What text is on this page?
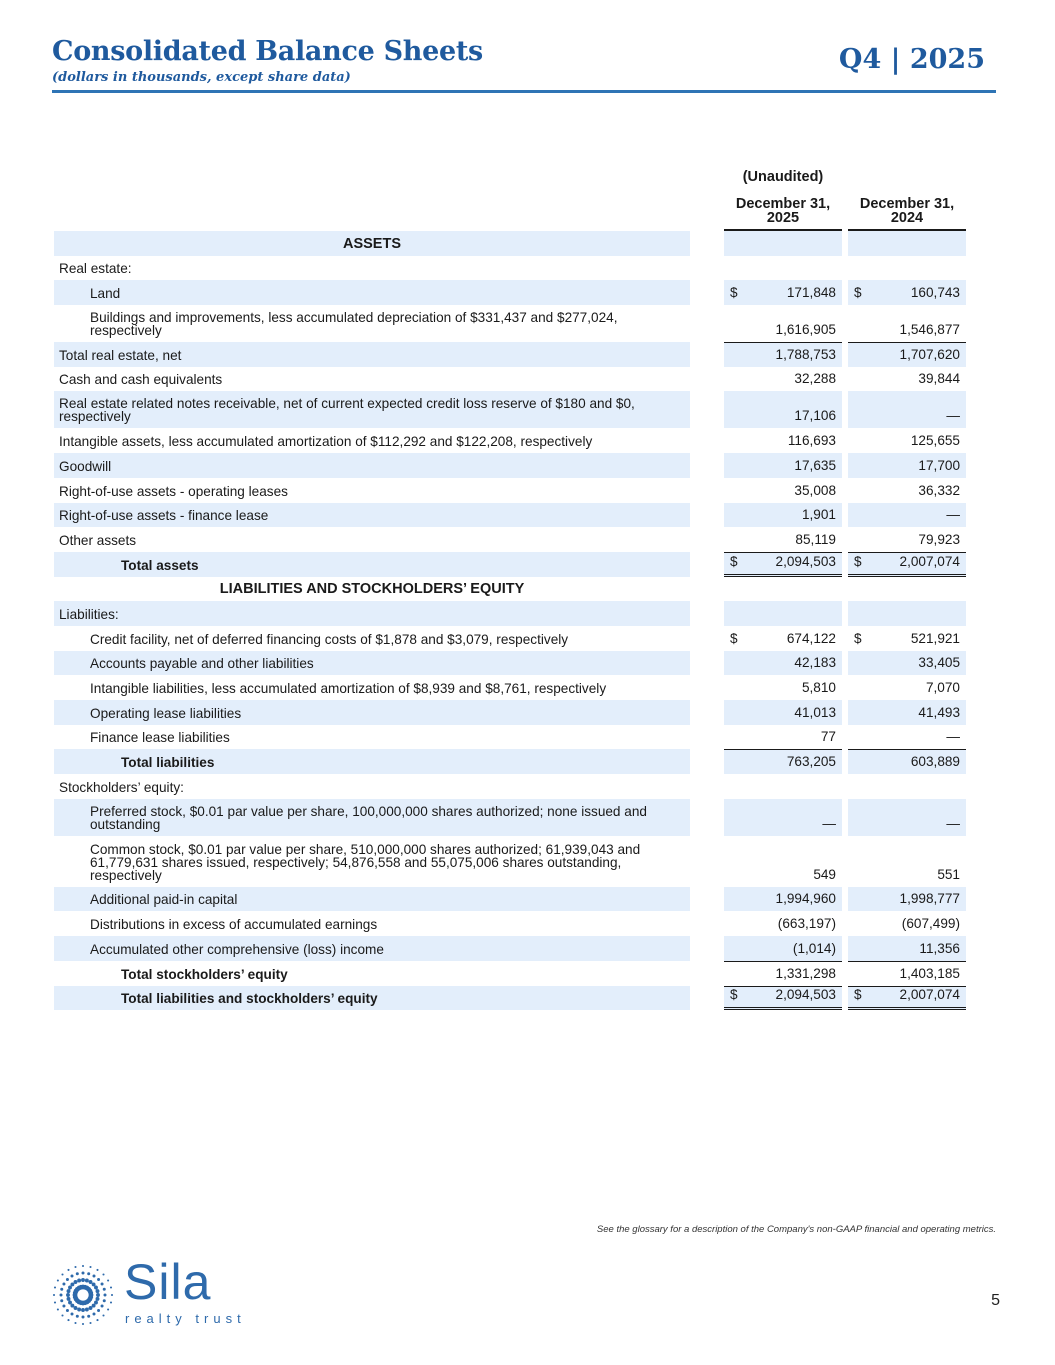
Consolidated Balance Sheets
(dollars in thousands, except share data)
Q4 | 2025
(Unaudited)
December 31, 2025
December 31, 2024
ASSETS
Real estate:
Land	$	171,848 $	160,743
Buildings and improvements, less accumulated depreciation of $331,437 and $277,024, respectively	1,616,905	1,546,877
Total real estate, net	1,788,753	1,707,620
Cash and cash equivalents	32,288	39,844
Real estate related notes receivable, net of current expected credit loss reserve of $180 and $0, respectively	17,106	—
Intangible assets, less accumulated amortization of $112,292 and $122,208, respectively	116,693	125,655
Goodwill	17,635	17,700
Right-of-use assets - operating leases	35,008	36,332
Right-of-use assets - finance lease	1,901	—
Other assets	85,119	79,923
Total assets	$	2,094,503 $	2,007,074
LIABILITIES AND STOCKHOLDERS’ EQUITY
Liabilities:
Credit facility, net of deferred financing costs of $1,878 and $3,079, respectively	$	674,122 $	521,921
Accounts payable and other liabilities	42,183	33,405
Intangible liabilities, less accumulated amortization of $8,939 and $8,761, respectively	5,810	7,070
Operating lease liabilities	41,013	41,493
Finance lease liabilities	77	—
Total liabilities	763,205	603,889
Stockholders’ equity:
Preferred stock, $0.01 par value per share, 100,000,000 shares authorized; none issued and outstanding	—	—
Common stock, $0.01 par value per share, 510,000,000 shares authorized; 61,939,043 and 61,779,631 shares issued, respectively; 54,876,558 and 55,075,006 shares outstanding, respectively	549	551
Additional paid-in capital	1,994,960	1,998,777
Distributions in excess of accumulated earnings	(663,197)	(607,499)
Accumulated other comprehensive (loss) income	(1,014)	11,356
Total stockholders’ equity	1,331,298	1,403,185
Total liabilities and stockholders’ equity	$	2,094,503 $	2,007,074
See the glossary for a description of the Company's non-GAAP financial and operating metrics.
Sila
realty trust
5
